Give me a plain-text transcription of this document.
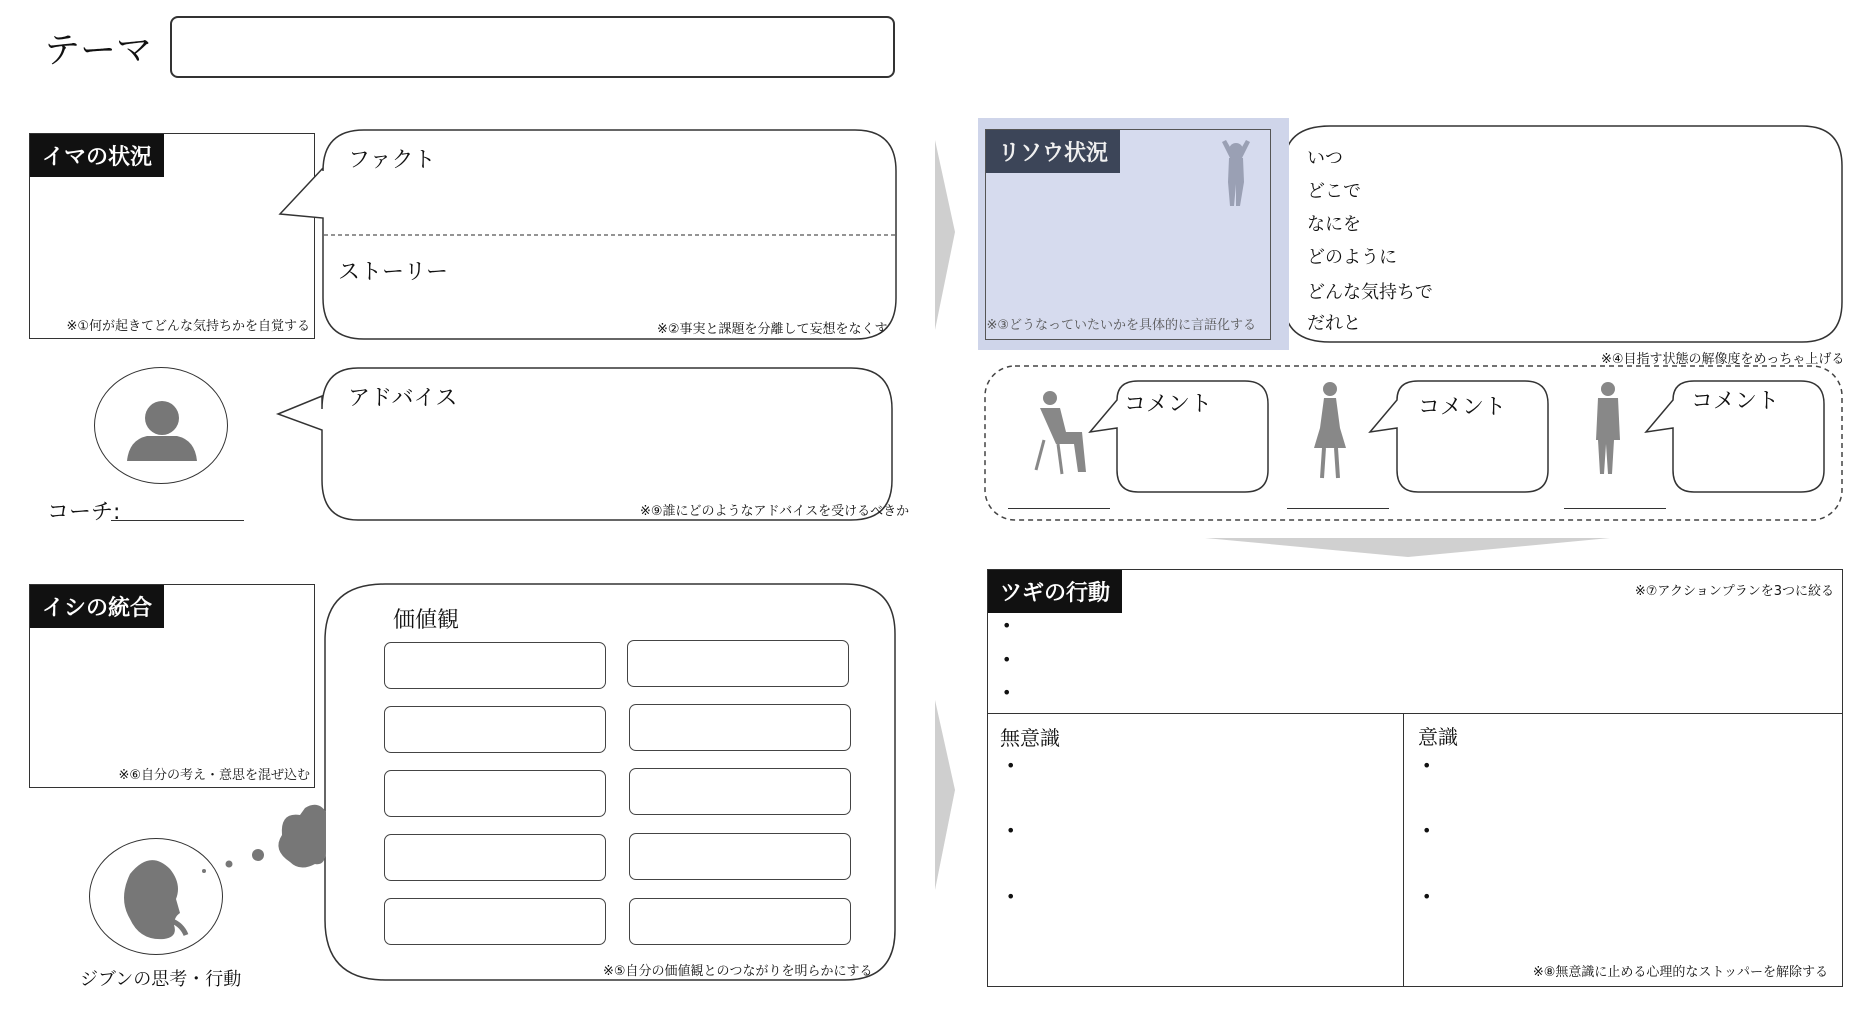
テーマ
イマの状況
※①何が起きてどんな気持ちかを自覚する
ファクト
ストーリー
※②事実と課題を分離して妄想をなくす
コーチ:
アドバイス
※⑨誰にどのようなアドバイスを受けるべきか
イシの統合
※⑥自分の考え・意思を混ぜ込む
ジブンの思考・行動
価値観
※⑤自分の価値観とのつながりを明らかにする
リソウ状況
※③どうなっていたいかを具体的に言語化する
いつ
どこで
なにを
どのように
どんな気持ちで
だれと
※④目指す状態の解像度をめっちゃ上げる
コメント	コメント	コメント
ツギの行動	※⑦アクションプランを3つに絞る
•
•
•
無意識
•
•
•
意識
•
•
•
※⑧無意識に止める心理的なストッパーを解除する
